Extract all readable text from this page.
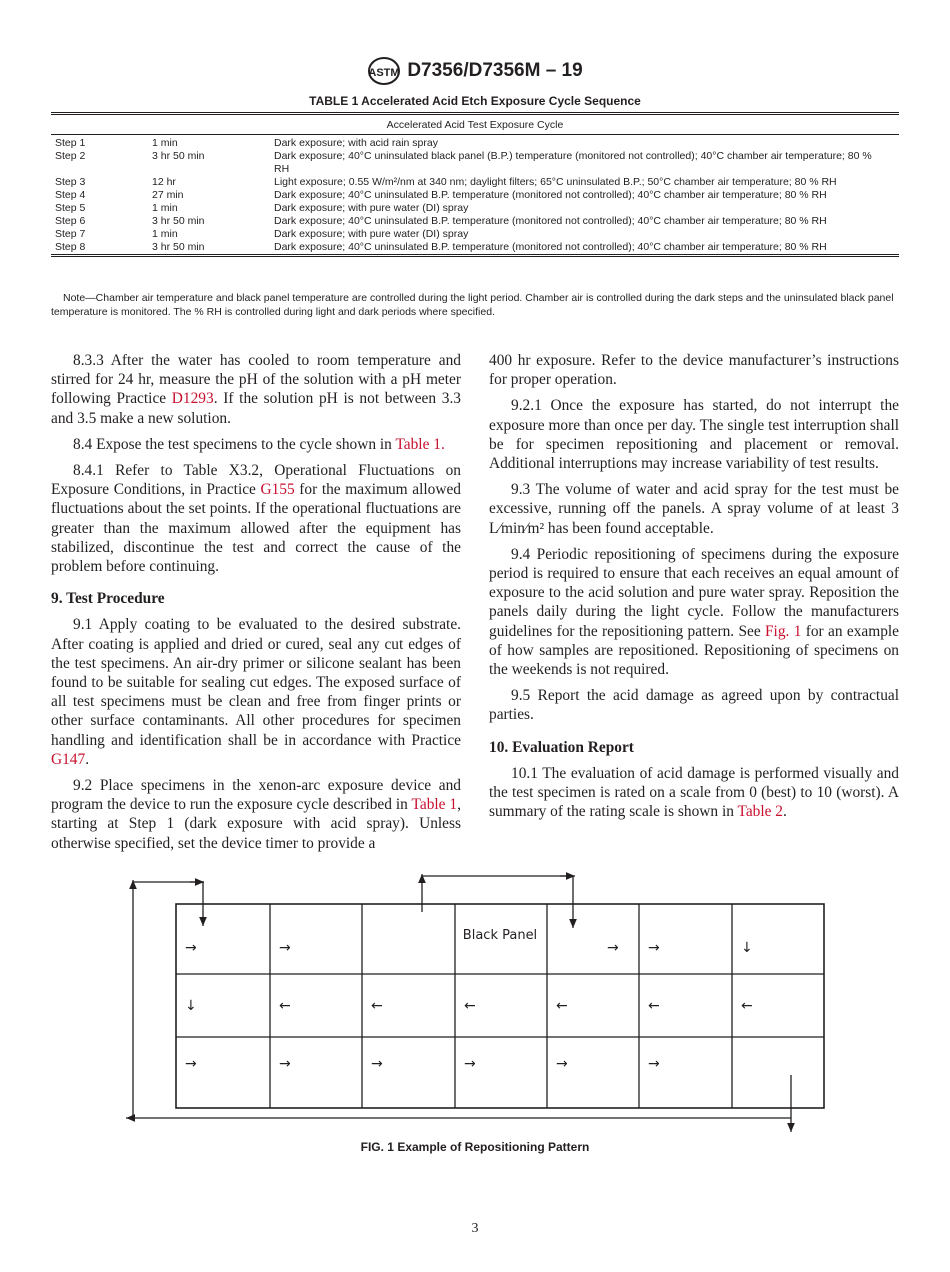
ASTM D7356/D7356M – 19
TABLE 1 Accelerated Acid Etch Exposure Cycle Sequence
Accelerated Acid Test Exposure Cycle
Step 1	1 min	Dark exposure; with acid rain spray
Step 2	3 hr 50 min	Dark exposure; 40°C uninsulated black panel (B.P.) temperature (monitored not controlled); 40°C chamber air temperature; 80 % RH
Step 3	12 hr	Light exposure; 0.55 W/m²/nm at 340 nm; daylight filters; 65°C uninsulated B.P.; 50°C chamber air temperature; 80 % RH
Step 4	27 min	Dark exposure; 40°C uninsulated B.P. temperature (monitored not controlled); 40°C chamber air temperature; 80 % RH
Step 5	1 min	Dark exposure; with pure water (DI) spray
Step 6	3 hr 50 min	Dark exposure; 40°C uninsulated B.P. temperature (monitored not controlled); 40°C chamber air temperature; 80 % RH
Step 7	1 min	Dark exposure; with pure water (DI) spray
Step 8	3 hr 50 min	Dark exposure; 40°C uninsulated B.P. temperature (monitored not controlled); 40°C chamber air temperature; 80 % RH
Note—Chamber air temperature and black panel temperature are controlled during the light period. Chamber air is controlled during the dark steps and the uninsulated black panel temperature is monitored. The % RH is controlled during light and dark periods where specified.

8.3.3 After the water has cooled to room temperature and stirred for 24 hr, measure the pH of the solution with a pH meter following Practice D1293. If the solution pH is not between 3.3 and 3.5 make a new solution.

8.4 Expose the test specimens to the cycle shown in Table 1.

8.4.1 Refer to Table X3.2, Operational Fluctuations on Exposure Conditions, in Practice G155 for the maximum allowed fluctuations about the set points. If the operational fluctuations are greater than the maximum allowed after the equipment has stabilized, discontinue the test and correct the cause of the problem before continuing.

9. Test Procedure

9.1 Apply coating to be evaluated to the desired substrate. After coating is applied and dried or cured, seal any cut edges of the test specimens. An air-dry primer or silicone sealant has been found to be suitable for sealing cut edges. The exposed surface of all test specimens must be clean and free from finger prints or other surface contaminants. All other procedures for specimen handling and identification shall be in accordance with Practice G147.

9.2 Place specimens in the xenon-arc exposure device and program the device to run the exposure cycle described in Table 1, starting at Step 1 (dark exposure with acid spray). Unless otherwise specified, set the device timer to provide a

400 hr exposure. Refer to the device manufacturer’s instructions for proper operation.

9.2.1 Once the exposure has started, do not interrupt the exposure more than once per day. The single test interruption shall be for specimen repositioning and placement or removal. Additional interruptions may increase variability of test results.

9.3 The volume of water and acid spray for the test must be excessive, running off the panels. A spray volume of at least 3 L⁄min⁄m² has been found acceptable.

9.4 Periodic repositioning of specimens during the exposure period is required to ensure that each receives an equal amount of exposure to the acid solution and pure water spray. Reposition the panels daily during the light cycle. Follow the manufacturers guidelines for the repositioning pattern. See Fig. 1 for an example of how samples are repositioned. Repositioning of specimens on the weekends is not required.

9.5 Report the acid damage as agreed upon by contractual parties.

10. Evaluation Report

10.1 The evaluation of acid damage is performed visually and the test specimen is rated on a scale from 0 (best) to 10 (worst). A summary of the rating scale is shown in Table 2.

→	→	→ →	↓
↓	←	←	←	←	←	←
→	→	→	→	→	→
Black Panel
FIG. 1 Example of Repositioning Pattern
3
